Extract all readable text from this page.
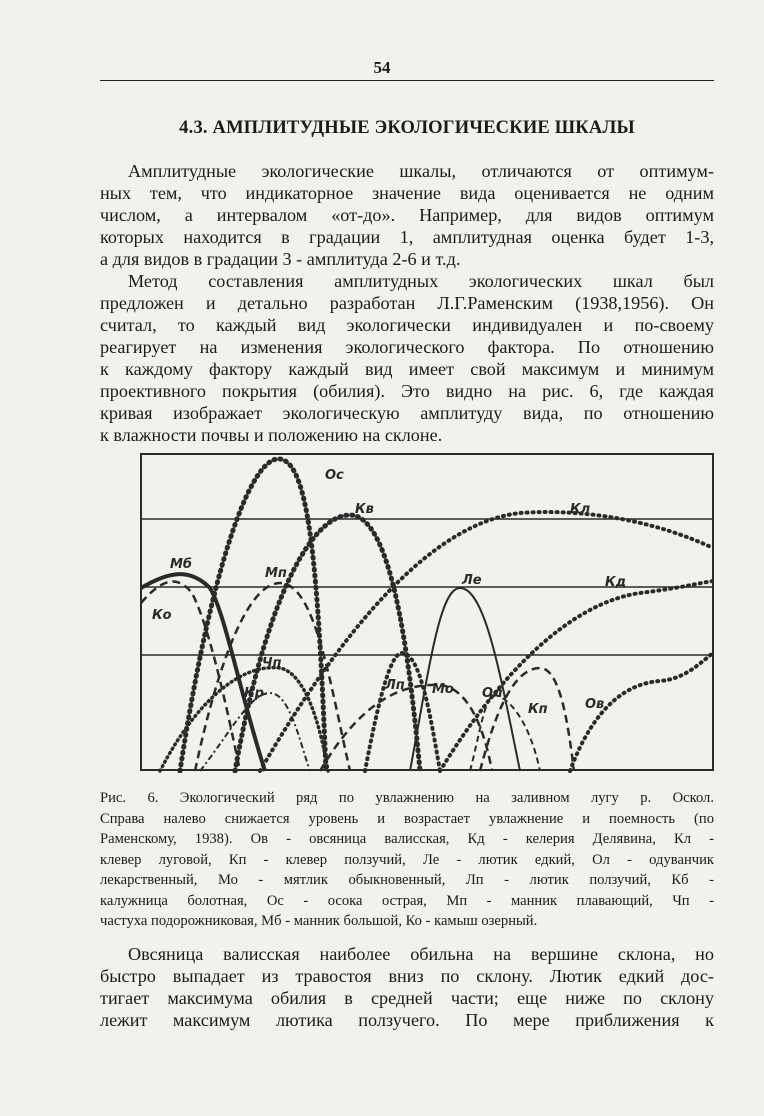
54
4.3. АМПЛИТУДНЫЕ ЭКОЛОГИЧЕСКИЕ ШКАЛЫ
Амплитудные экологические шкалы, отличаются от оптимум-
ных тем, что индикаторное значение вида оценивается не одним
числом, а интервалом «от-до». Например, для видов оптимум
которых находится в градации 1, амплитудная оценка будет 1-3,
а для видов в градации 3 - амплитуда 2-6 и т.д.
Метод составления амплитудных экологических шкал был
предложен и детально разработан Л.Г.Раменским (1938,1956). Он
считал, то каждый вид экологически индивидуален и по-своему
реагирует на изменения экологического фактора. По отношению
к каждому фактору каждый вид имеет свой максимум и минимум
проективного покрытия (обилия). Это видно на рис. 6, где каждая
кривая изображает экологическую амплитуду вида, по отношению
к влажности почвы и положению на склоне.
Ос
Кв	Кл
Мб
Мп	Ле	Кд
Ко
Чп
Кр
Лп Мо Ол
Кп	Ов
Рис. 6. Экологический ряд по увлажнению на заливном лугу р. Оскол.
Справа налево снижается уровень и возрастает увлажнение и поемность (по
Раменскому, 1938). Ов - овсяница валисская, Кд - келерия Делявина, Кл -
клевер луговой, Кп - клевер ползучий, Ле - лютик едкий, Ол - одуванчик
лекарственный, Мо - мятлик обыкновенный, Лп - лютик ползучий, Кб -
калужница болотная, Ос - осока острая, Мп - манник плавающий, Чп -
частуха подорожниковая, Мб - манник большой, Ко - камыш озерный.
Овсяница валисская наиболее обильна на вершине склона, но
быстро выпадает из травостоя вниз по склону. Лютик едкий дос-
тигает максимума обилия в средней части; еще ниже по склону
лежит максимум лютика ползучего. По мере приближения к
